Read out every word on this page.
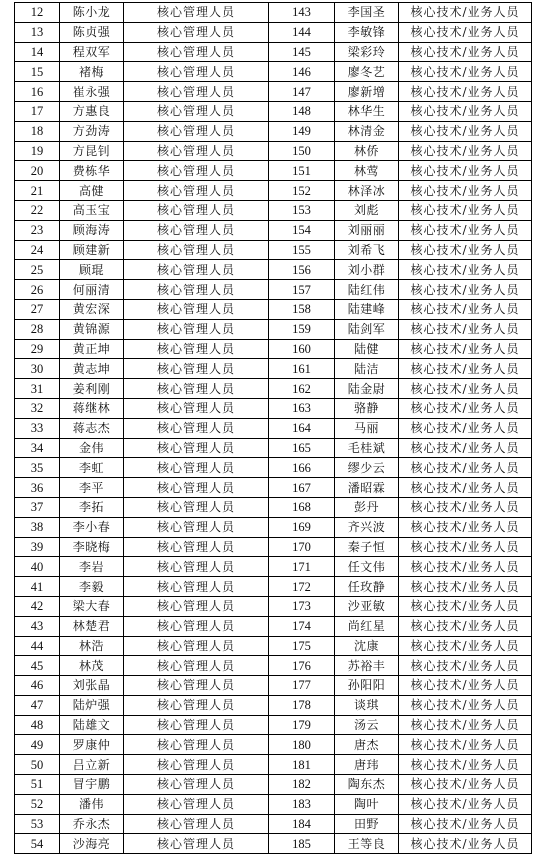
12	陈小龙	核心管理人员	143	李国圣	核心技术/业务人员
13	陈贞强	核心管理人员	144	李敏锋	核心技术/业务人员
14	程双军	核心管理人员	145	梁彩玲	核心技术/业务人员
15	褚梅	核心管理人员	146	廖冬艺	核心技术/业务人员
16	崔永强	核心管理人员	147	廖新增	核心技术/业务人员
17	方惠良	核心管理人员	148	林华生	核心技术/业务人员
18	方劲涛	核心管理人员	149	林清金	核心技术/业务人员
19	方昆钊	核心管理人员	150	林侨	核心技术/业务人员
20	费栋华	核心管理人员	151	林莺	核心技术/业务人员
21	高健	核心管理人员	152	林泽冰	核心技术/业务人员
22	高玉宝	核心管理人员	153	刘彪	核心技术/业务人员
23	顾海涛	核心管理人员	154	刘丽丽	核心技术/业务人员
24	顾建新	核心管理人员	155	刘希飞	核心技术/业务人员
25	顾琨	核心管理人员	156	刘小群	核心技术/业务人员
26	何丽清	核心管理人员	157	陆红伟	核心技术/业务人员
27	黄宏深	核心管理人员	158	陆建峰	核心技术/业务人员
28	黄锦源	核心管理人员	159	陆剑军	核心技术/业务人员
29	黄正坤	核心管理人员	160	陆健	核心技术/业务人员
30	黄志坤	核心管理人员	161	陆洁	核心技术/业务人员
31	姜利刚	核心管理人员	162	陆金尉	核心技术/业务人员
32	蒋继林	核心管理人员	163	骆静	核心技术/业务人员
33	蒋志杰	核心管理人员	164	马丽	核心技术/业务人员
34	金伟	核心管理人员	165	毛桂斌	核心技术/业务人员
35	李虹	核心管理人员	166	缪少云	核心技术/业务人员
36	李平	核心管理人员	167	潘昭霖	核心技术/业务人员
37	李拓	核心管理人员	168	彭丹	核心技术/业务人员
38	李小春	核心管理人员	169	齐兴波	核心技术/业务人员
39	李晓梅	核心管理人员	170	秦子恒	核心技术/业务人员
40	李岩	核心管理人员	171	任文伟	核心技术/业务人员
41	李毅	核心管理人员	172	任玫静	核心技术/业务人员
42	梁大春	核心管理人员	173	沙亚敏	核心技术/业务人员
43	林楚君	核心管理人员	174	尚红星	核心技术/业务人员
44	林浩	核心管理人员	175	沈康	核心技术/业务人员
45	林茂	核心管理人员	176	苏裕丰	核心技术/业务人员
46	刘张晶	核心管理人员	177	孙阳阳	核心技术/业务人员
47	陆炉强	核心管理人员	178	谈琪	核心技术/业务人员
48	陆雄文	核心管理人员	179	汤云	核心技术/业务人员
49	罗康仲	核心管理人员	180	唐杰	核心技术/业务人员
50	吕立新	核心管理人员	181	唐玮	核心技术/业务人员
51	冒宇鹏	核心管理人员	182	陶东杰	核心技术/业务人员
52	潘伟	核心管理人员	183	陶叶	核心技术/业务人员
53	乔永杰	核心管理人员	184	田野	核心技术/业务人员
54	沙海亮	核心管理人员	185	王等良	核心技术/业务人员
